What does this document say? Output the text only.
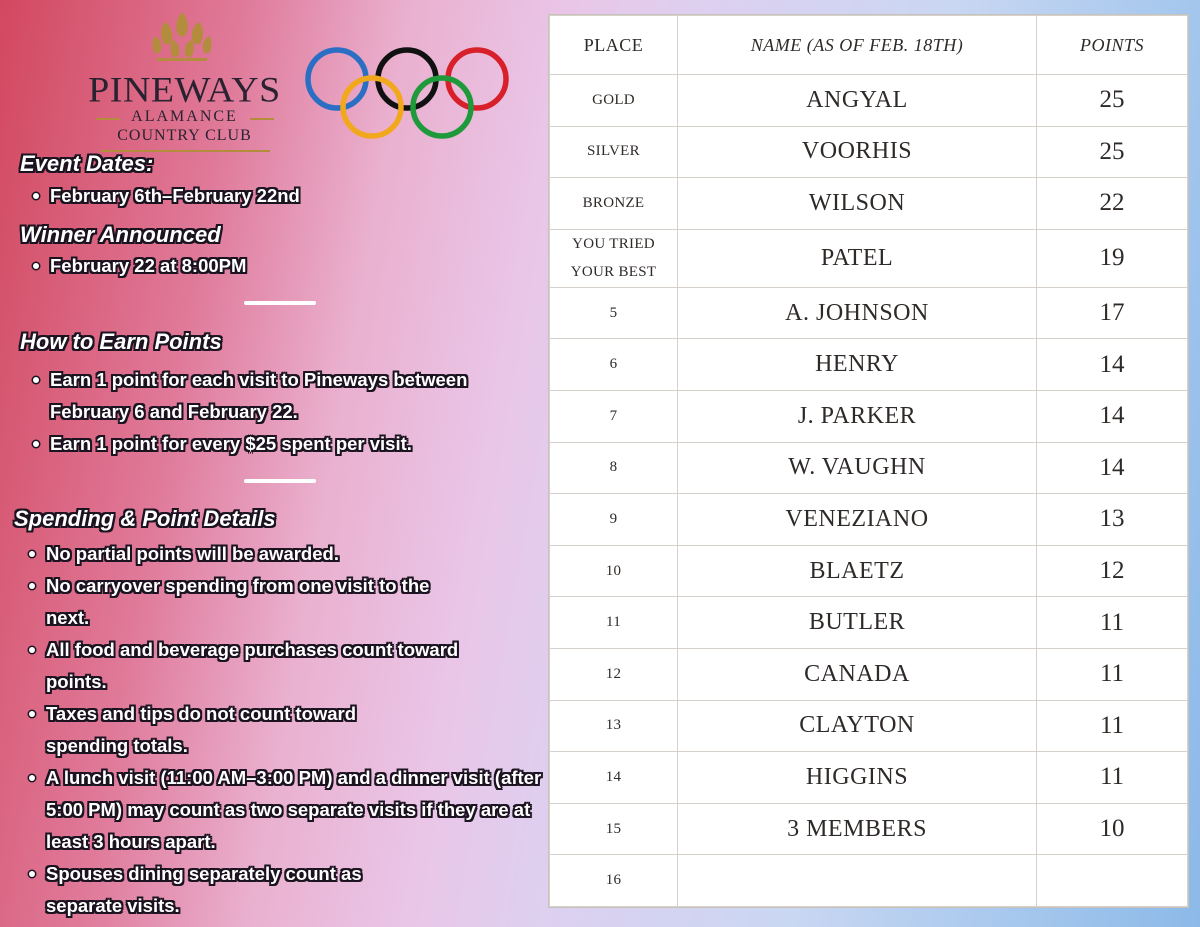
PINEWAYS
ALAMANCE
COUNTRY CLUB
Event Dates:
February 6th–February 22nd
Winner Announced
February 22 at 8:00PM
How to Earn Points
Earn 1 point for each visit to Pineways between February 6 and February 22.
Earn 1 point for every $25 spent per visit.
Spending & Point Details
No partial points will be awarded.
No carryover spending from one visit to the next.
All food and beverage purchases count toward points.
Taxes and tips do not count toward spending totals.
A lunch visit (11:00 AM–3:00 PM) and a dinner visit (after 5:00 PM) may count as two separate visits if they are at least 3 hours apart.
Spouses dining separately count as separate visits.
PLACE	NAME (AS OF FEB. 18TH)	POINTS
GOLD	ANGYAL	25
SILVER	VOORHIS	25
BRONZE	WILSON	22
YOU TRIED YOUR BEST	PATEL	19
5	A. JOHNSON	17
6	HENRY	14
7	J. PARKER	14
8	W. VAUGHN	14
9	VENEZIANO	13
10	BLAETZ	12
11	BUTLER	11
12	CANADA	11
13	CLAYTON	11
14	HIGGINS	11
15	3 MEMBERS	10
16		
